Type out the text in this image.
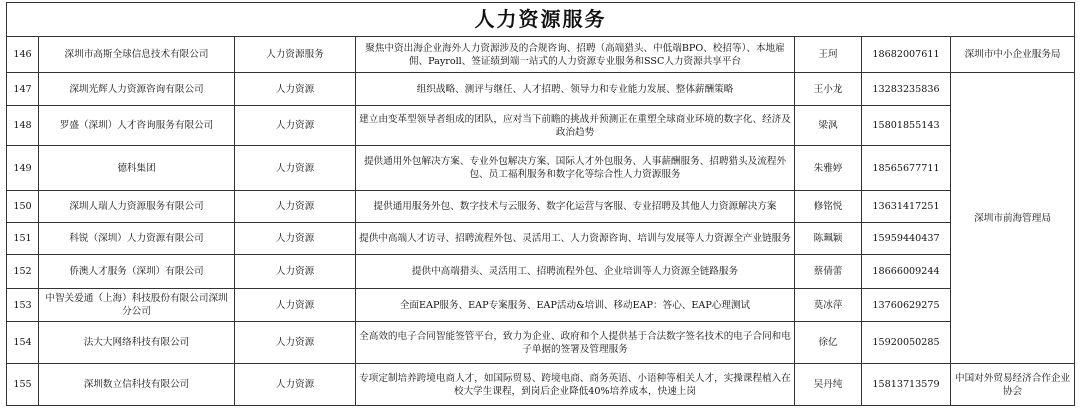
人力资源服务						
146	深圳市高斯全球信息技术有限公司	人力资源服务	聚焦中资出海企业海外人力资源涉及的合规咨询、招聘（高端猎头、中低端BPO、校招等）、本地雇佣、Payroll、签证绩到端一站式的人力资源专业服务和SSC人力资源共享平台	王珂	18682007611	深圳市中小企业服务局
147	深圳光辉人力资源咨询有限公司	人力资源	组织战略、测评与继任、人才招聘、领导力和专业能力发展、整体薪酬策略	王小龙	13283235836	深圳市前海管理局
148	罗盛（深圳）人才咨询服务有限公司	人力资源	建立由变革型领导者组成的团队，应对当下前瞻的挑战并预测正在重塑全球商业环境的数字化、经济及政治趋势	梁沨	15801855143	
149	德科集团	人力资源	提供通用外包解决方案、专业外包解决方案、国际人才外包服务、人事薪酬服务、招聘猎头及流程外包、员工福利服务和数字化等综合性人力资源服务	朱雅婷	18565677711	
150	深圳人瑞人力资源服务有限公司	人力资源	提供通用服务外包、数字技术与云服务、数字化运营与客服、专业招聘及其他人力资源解决方案	修铭悦	13631417251	
151	科锐（深圳）人力资源有限公司	人力资源	提供中高端人才访寻、招聘流程外包、灵活用工、人力资源咨询、培训与发展等人力资源全产业链服务	陈珮颖	15959440437	
152	侨澳人才服务（深圳）有限公司	人力资源	提供中高端猎头、灵活用工、招聘流程外包、企业培训等人力资源全链路服务	蔡倩蕾	18666009244	
153	中智关爱通（上海）科技股份有限公司深圳分公司	人力资源	全面EAP服务、EAP专案服务、EAP活动&培训、移动EAP：答心、EAP心理测试	莫冰萍	13760629275	
154	法大大网络科技有限公司	人力资源	全高效的电子合同智能签管平台，致力为企业、政府和个人提供基于合法数字签名技术的电子合同和电子单据的签署及管理服务	徐亿	15920050285	
155	深圳数立信科技有限公司	人力资源	专项定制培养跨境电商人才，如国际贸易、跨境电商、商务英语、小语种等相关人才，实操课程植入在校大学生课程，到岗后企业降低40%培养成本，快速上岗	吴丹纯	15813713579	中国对外贸易经济合作企业协会
